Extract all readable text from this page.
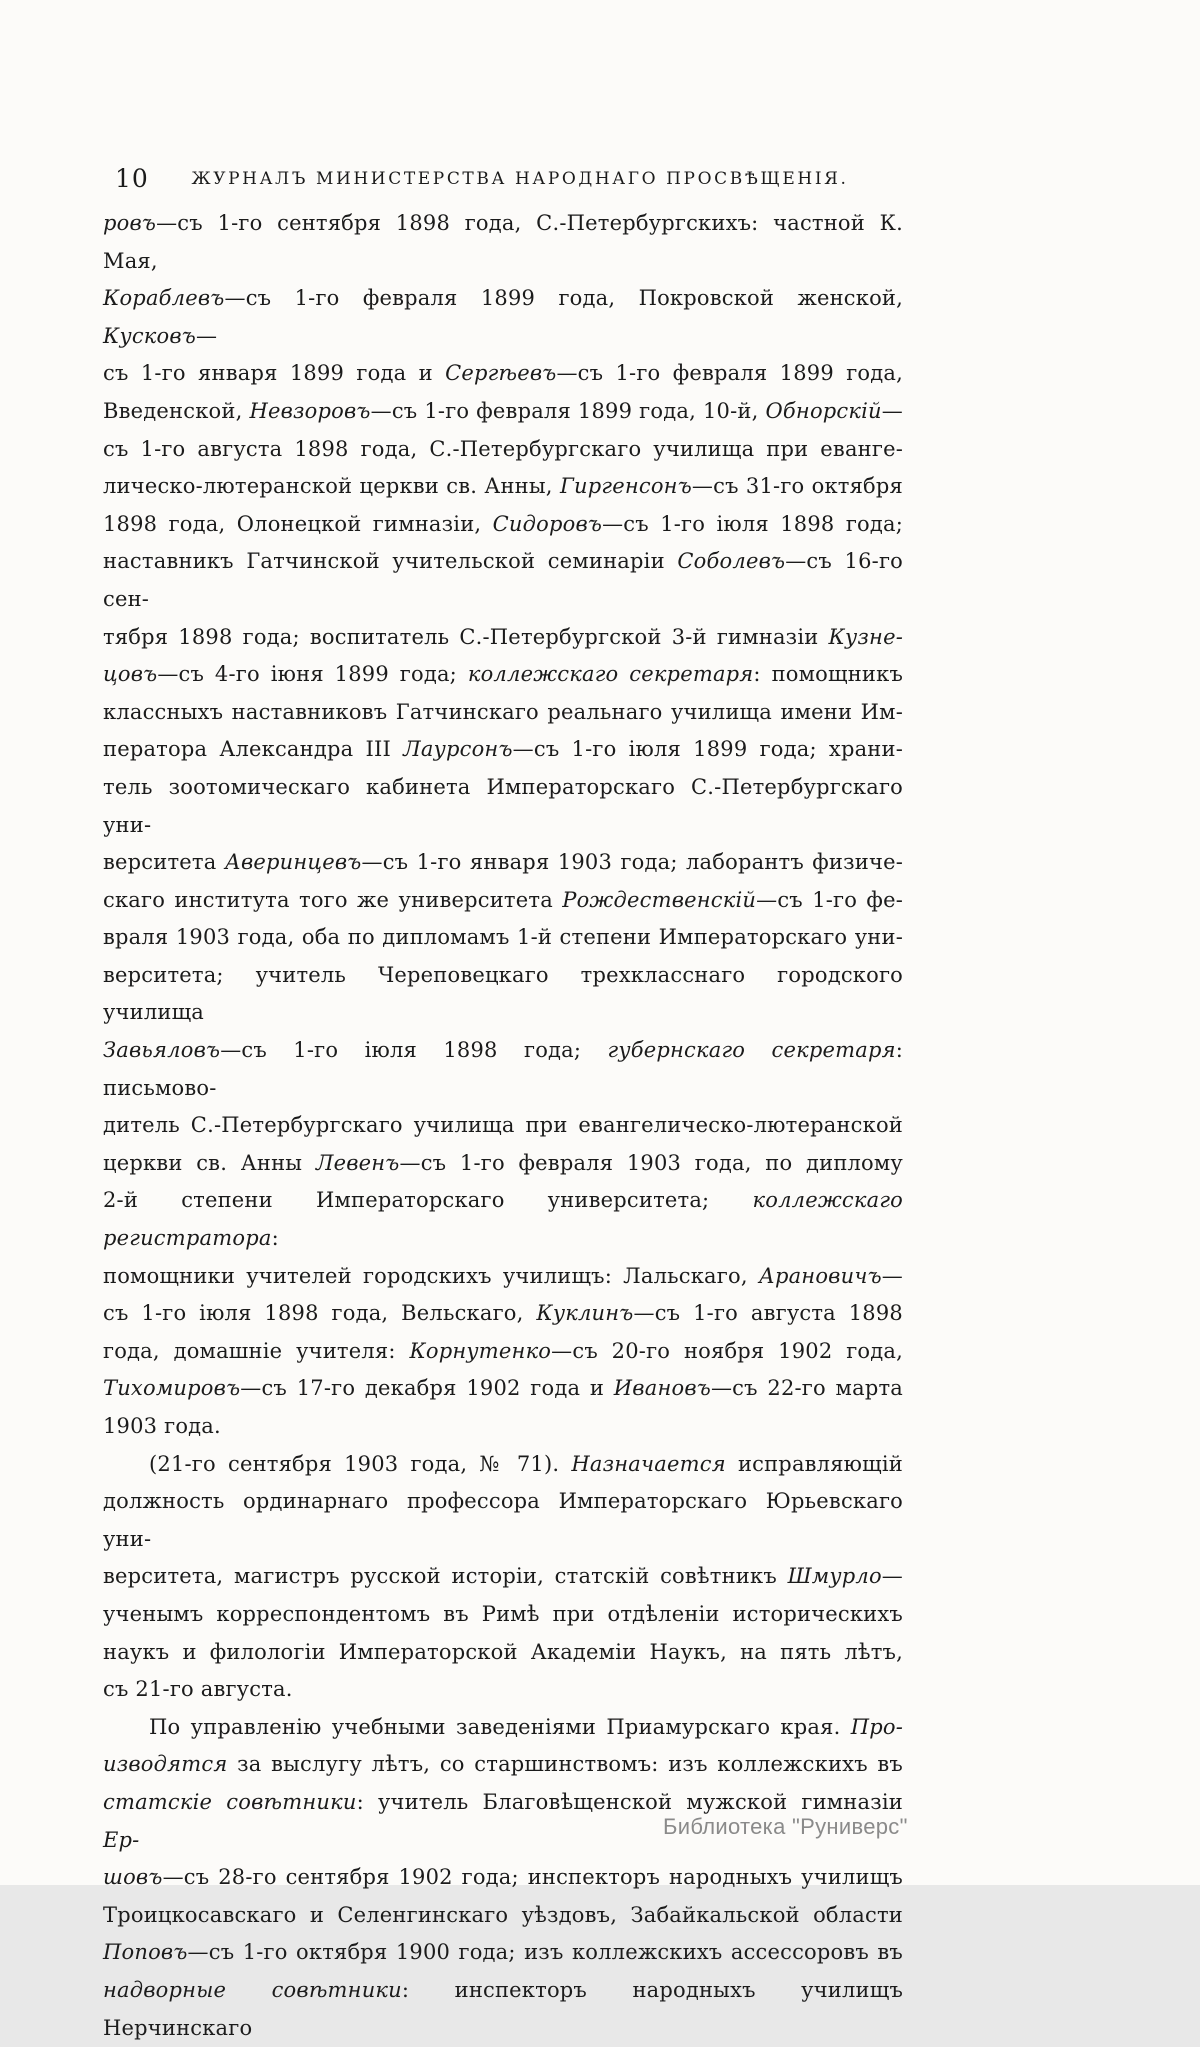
10	ЖУРНАЛЪ МИНИСТЕРСТВА НАРОДНАГО ПРОСВѢЩЕНІЯ.
ровъ—съ 1-го сентября 1898 года, С.-Петербургскихъ: частной К. Мая,
Кораблевъ—съ 1-го февраля 1899 года, Покровской женской, Кусковъ—
съ 1-го января 1899 года и Сергѣевъ—съ 1-го февраля 1899 года,
Введенской, Невзоровъ—съ 1-го февраля 1899 года, 10-й, Обнорскій—
съ 1-го августа 1898 года, С.-Петербургскаго училища при еванге-
лическо-лютеранской церкви св. Анны, Гиргенсонъ—съ 31-го октября
1898 года, Олонецкой гимназіи, Сидоровъ—съ 1-го іюля 1898 года;
наставникъ Гатчинской учительской семинаріи Соболевъ—съ 16-го сен-
тября 1898 года; воспитатель С.-Петербургской 3-й гимназіи Кузне-
цовъ—съ 4-го іюня 1899 года; коллежскаго секретаря: помощникъ
классныхъ наставниковъ Гатчинскаго реальнаго училища имени Им-
ператора Александра III Лаурсонъ—съ 1-го іюля 1899 года; храни-
тель зоотомическаго кабинета Императорскаго С.-Петербургскаго уни-
верситета Аверинцевъ—съ 1-го января 1903 года; лаборантъ физиче-
скаго института того же университета Рождественскій—съ 1-го фе-
враля 1903 года, оба по дипломамъ 1-й степени Императорскаго уни-
верситета; учитель Череповецкаго трехкласснаго городского училища
Завьяловъ—съ 1-го іюля 1898 года; губернскаго секретаря: письмово-
дитель С.-Петербургскаго училища при евангелическо-лютеранской
церкви св. Анны Левенъ—съ 1-го февраля 1903 года, по диплому
2-й степени Императорскаго университета; коллежскаго регистратора:
помощники учителей городскихъ училищъ: Лальскаго, Арановичъ—
съ 1-го іюля 1898 года, Вельскаго, Куклинъ—съ 1-го августа 1898
года, домашніе учителя: Корнутенко—съ 20-го ноября 1902 года,
Тихомировъ—съ 17-го декабря 1902 года и Ивановъ—съ 22-го марта
1903 года.
(21-го сентября 1903 года, № 71). Назначается исправляющій
должность ординарнаго профессора Императорскаго Юрьевскаго уни-
верситета, магистръ русской исторіи, статскій совѣтникъ Шмурло—
ученымъ корреспондентомъ въ Римѣ при отдѣленіи историческихъ
наукъ и филологіи Императорской Академіи Наукъ, на пять лѣтъ,
съ 21-го августа.
По управленію учебными заведеніями Приамурскаго края. Про-
изводятся за выслугу лѣтъ, со старшинствомъ: изъ коллежскихъ въ
статскіе совѣтники: учитель Благовѣщенской мужской гимназіи Ер-
шовъ—съ 28-го сентября 1902 года; инспекторъ народныхъ училищъ
Троицкосавскаго и Селенгинскаго уѣздовъ, Забайкальской области
Поповъ—съ 1-го октября 1900 года; изъ коллежскихъ ассессоровъ въ
надворные совѣтники: инспекторъ народныхъ училищъ Нерчинскаго
Библиотека "Руниверс"
